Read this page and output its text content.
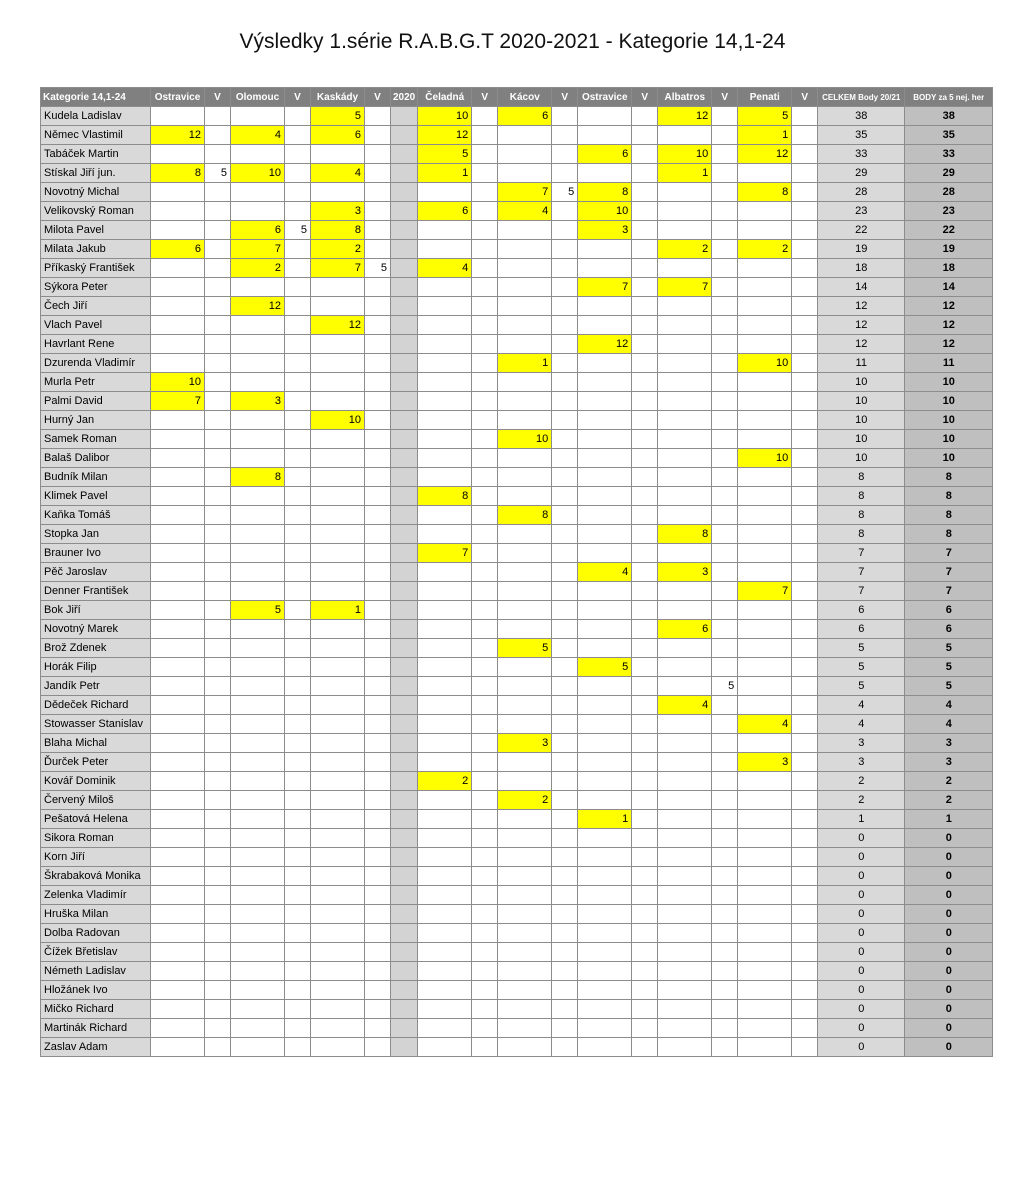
Výsledky 1.série R.A.B.G.T 2020-2021 - Kategorie 14,1-24
Kategorie 14,1-24	Ostravice	V	Olomouc	V	Kaskády	V	2020	Čeladná	V	Kácov	V	Ostravice	V	Albatros	V	Penati	V	CELKEM Body 20/21	BODY za 5 nej. her
Kudela Ladislav					5			10		6				12		5		38	38
Němec Vlastimil	12		4		6			12								1		35	35
Tabáček Martin								5				6		10		12		33	33
Stískal Jiří jun.	8	5	10		4			1						1				29	29
Novotný Michal										7	5	8				8		28	28
Velikovský Roman					3			6		4		10						23	23
Milota Pavel			6	5	8							3						22	22
Milata Jakub	6		7		2									2		2		19	19
Příkaský František			2		7	5		4										18	18
Sýkora Peter												7		7				14	14
Čech Jiří			12															12	12
Vlach Pavel					12													12	12
Havrlant Rene												12						12	12
Dzurenda Vladimír										1						10		11	11
Murla Petr	10																	10	10
Palmi David	7		3															10	10
Hurný Jan					10													10	10
Samek Roman										10								10	10
Balaš Dalibor																10		10	10
Budník Milan			8															8	8
Klimek Pavel								8										8	8
Kaňka Tomáš										8								8	8
Stopka Jan														8				8	8
Brauner Ivo								7										7	7
Pěč Jaroslav												4		3				7	7
Denner František																7		7	7
Bok Jiří			5		1													6	6
Novotný Marek														6				6	6
Brož Zdenek										5								5	5
Horák Filip												5						5	5
Jandík Petr															5			5	5
Dědeček Richard														4				4	4
Stowasser Stanislav																4		4	4
Blaha Michal										3								3	3
Ďurček Peter																3		3	3
Kovář Dominik								2										2	2
Červený Miloš										2								2	2
Pešatová Helena												1						1	1
Sikora Roman																		0	0
Korn Jiří																		0	0
Škrabaková Monika																		0	0
Zelenka Vladimír																		0	0
Hruška Milan																		0	0
Dolba Radovan																		0	0
Čížek Břetislav																		0	0
Németh Ladislav																		0	0
Hložánek Ivo																		0	0
Mičko Richard																		0	0
Martinák Richard																		0	0
Zaslav Adam																		0	0
